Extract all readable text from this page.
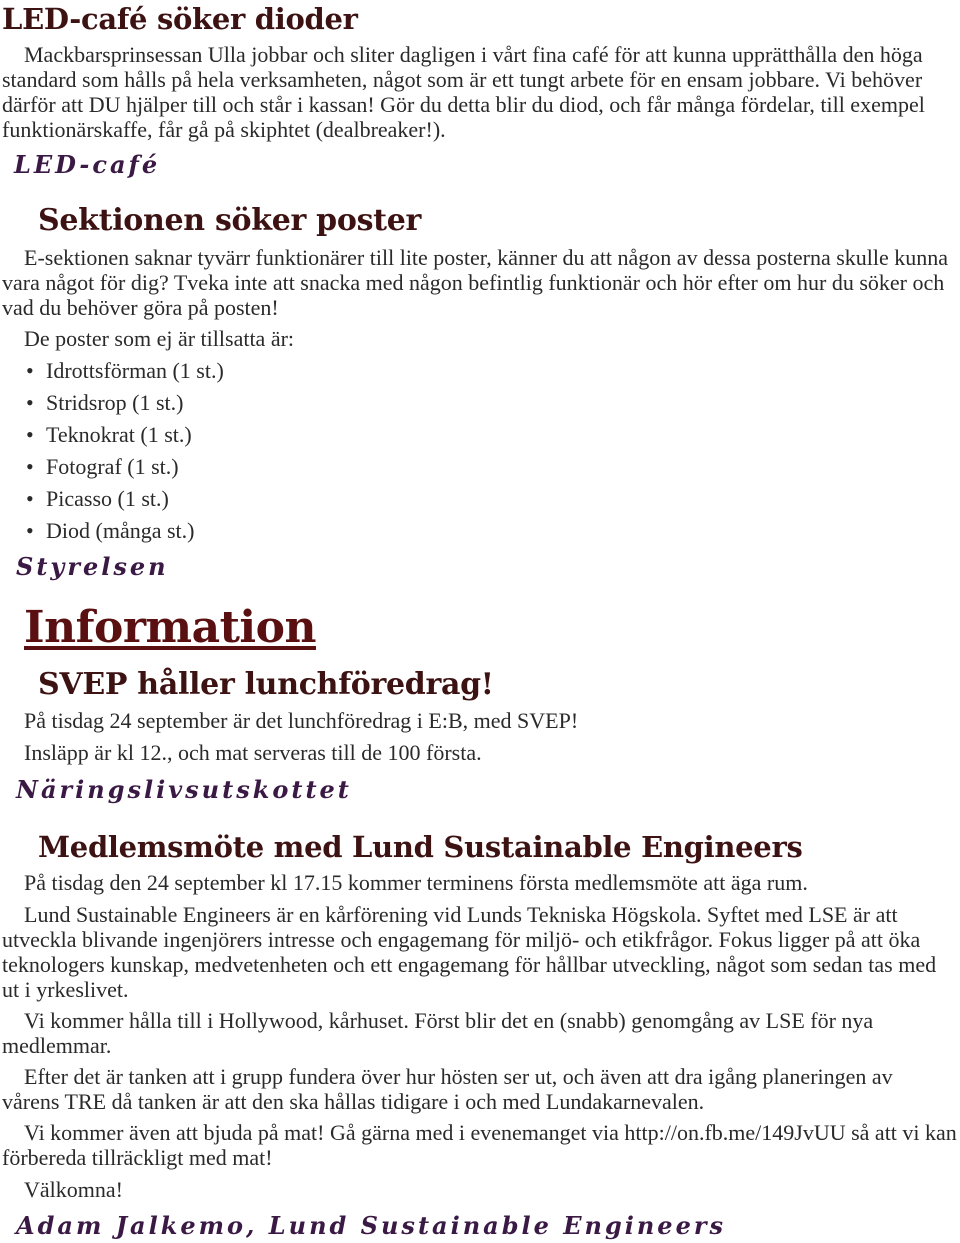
LED-café söker dioder

Mackbarsprinsessan Ulla jobbar och sliter dagligen i vårt fina café för att kunna upprätthålla den höga standard som hålls på hela verksamheten, något som är ett tungt arbete för en ensam jobbare. Vi behöver därför att DU hjälper till och står i kassan! Gör du detta blir du diod, och får många fördelar, till exempel funktionärskaffe, får gå på skiphtet (dealbreaker!).

LED-café
Sektionen söker poster

E-sektionen saknar tyvärr funktionärer till lite poster, känner du att någon av dessa posterna skulle kunna vara något för dig? Tveka inte att snacka med någon befintlig funktionär och hör efter om hur du söker och vad du behöver göra på posten!

De poster som ej är tillsatta är:
• Idrottsförman (1 st.)
• Stridsrop (1 st.)
• Teknokrat (1 st.)
• Fotograf (1 st.)
• Picasso (1 st.)
• Diod (många st.)
Styrelsen
Information
SVEP håller lunchföredrag!
På tisdag 24 september är det lunchföredrag i E:B, med SVEP!
Insläpp är kl 12., och mat serveras till de 100 första.
Näringslivsutskottet
Medlemsmöte med Lund Sustainable Engineers
På tisdag den 24 september kl 17.15 kommer terminens första medlemsmöte att äga rum.

Lund Sustainable Engineers är en kårförening vid Lunds Tekniska Högskola. Syftet med LSE är att utveckla blivande ingenjörers intresse och engagemang för miljö- och etikfrågor. Fokus ligger på att öka teknologers kunskap, medvetenheten och ett engagemang för hållbar utveckling, något som sedan tas med ut i yrkeslivet.

Vi kommer hålla till i Hollywood, kårhuset. Först blir det en (snabb) genomgång av LSE för nya medlemmar.

Efter det är tanken att i grupp fundera över hur hösten ser ut, och även att dra igång planeringen av vårens TRE då tanken är att den ska hållas tidigare i och med Lundakarnevalen.

Vi kommer även att bjuda på mat! Gå gärna med i evenemanget via http://on.fb.me/149JvUU så att vi kan förbereda tillräckligt med mat!

Välkomna!
Adam Jalkemo, Lund Sustainable Engineers
